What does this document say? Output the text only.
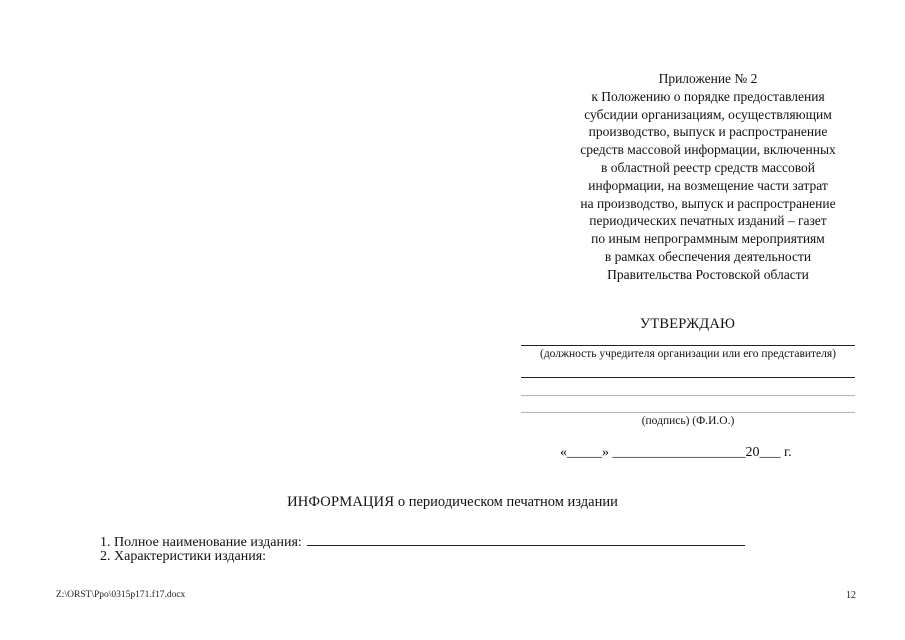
Приложение № 2
к Положению о порядке предоставления
субсидии организациям, осуществляющим
производство, выпуск и распространение
средств массовой информации, включенных
в областной реестр средств массовой
информации, на возмещение части затрат
на производство, выпуск и распространение
периодических печатных изданий – газет
по иным непрограммным мероприятиям
в рамках обеспечения деятельности
Правительства Ростовской области
УТВЕРЖДАЮ
(должность учредителя организации или его представителя)
(подпись) (Ф.И.О.)
«_____» ___________________20___ г.
ИНФОРМАЦИЯ о периодическом печатном издании
1. Полное наименование издания:
2. Характеристики издания:
Z:\ORST\Ppo\0315p171.f17.docx	12
